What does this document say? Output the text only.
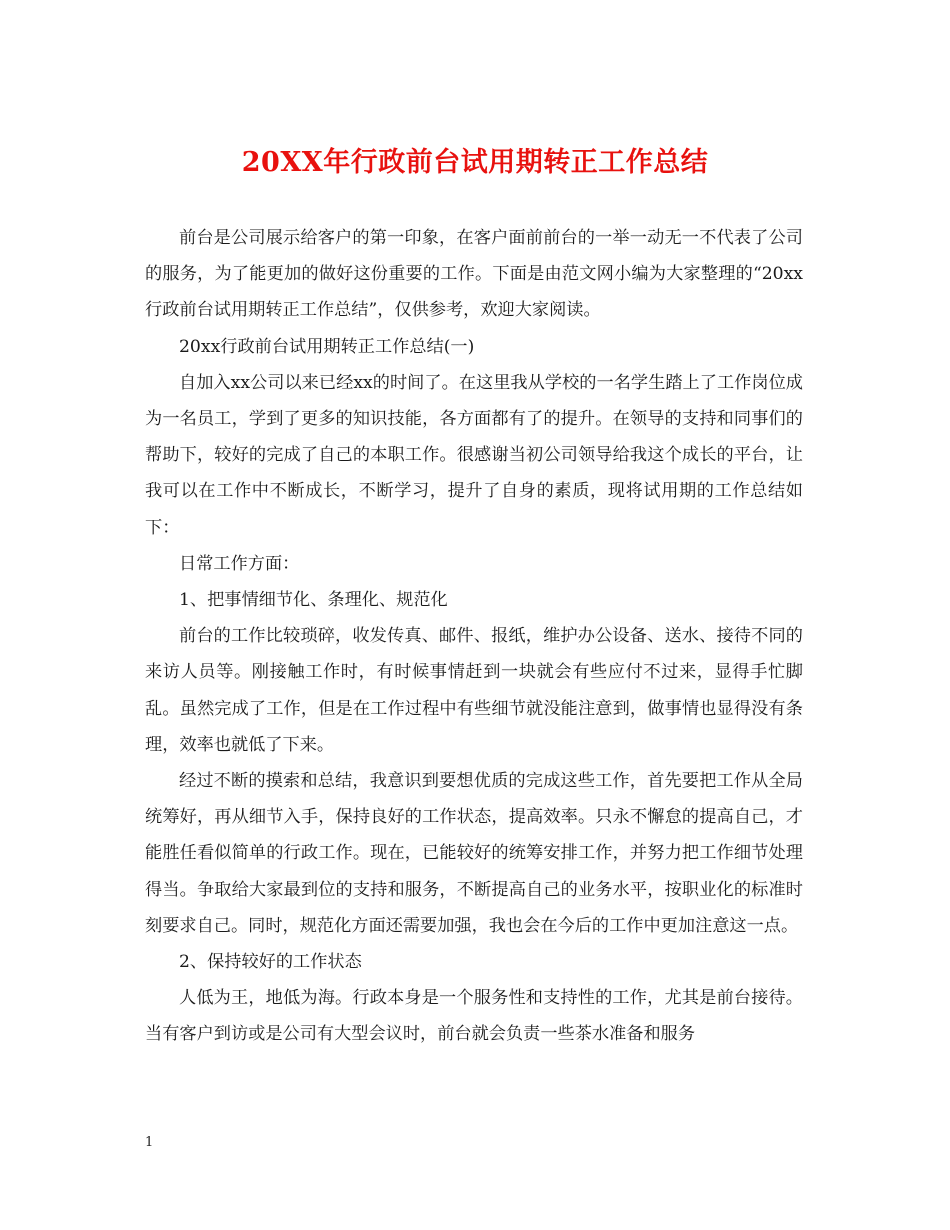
20XX年行政前台试用期转正工作总结

前台是公司展示给客户的第一印象，在客户面前前台的一举一动无一不代表了公司的服务，为了能更加的做好这份重要的工作。下面是由范文网小编为大家整理的“20xx行政前台试用期转正工作总结”，仅供参考，欢迎大家阅读。

20xx行政前台试用期转正工作总结(一)

自加入xx公司以来已经xx的时间了。在这里我从学校的一名学生踏上了工作岗位成为一名员工，学到了更多的知识技能，各方面都有了的提升。在领导的支持和同事们的帮助下，较好的完成了自己的本职工作。很感谢当初公司领导给我这个成长的平台，让我可以在工作中不断成长，不断学习，提升了自身的素质，现将试用期的工作总结如下：

日常工作方面：

1、把事情细节化、条理化、规范化

前台的工作比较琐碎，收发传真、邮件、报纸，维护办公设备、送水、接待不同的来访人员等。刚接触工作时，有时候事情赶到一块就会有些应付不过来，显得手忙脚乱。虽然完成了工作，但是在工作过程中有些细节就没能注意到，做事情也显得没有条理，效率也就低了下来。

经过不断的摸索和总结，我意识到要想优质的完成这些工作，首先要把工作从全局统筹好，再从细节入手，保持良好的工作状态，提高效率。只永不懈怠的提高自己，才能胜任看似简单的行政工作。现在，已能较好的统筹安排工作，并努力把工作细节处理得当。争取给大家最到位的支持和服务，不断提高自己的业务水平，按职业化的标准时刻要求自己。同时，规范化方面还需要加强，我也会在今后的工作中更加注意这一点。

2、保持较好的工作状态

人低为王，地低为海。行政本身是一个服务性和支持性的工作，尤其是前台接待。当有客户到访或是公司有大型会议时，前台就会负责一些茶水准备和服务

1
